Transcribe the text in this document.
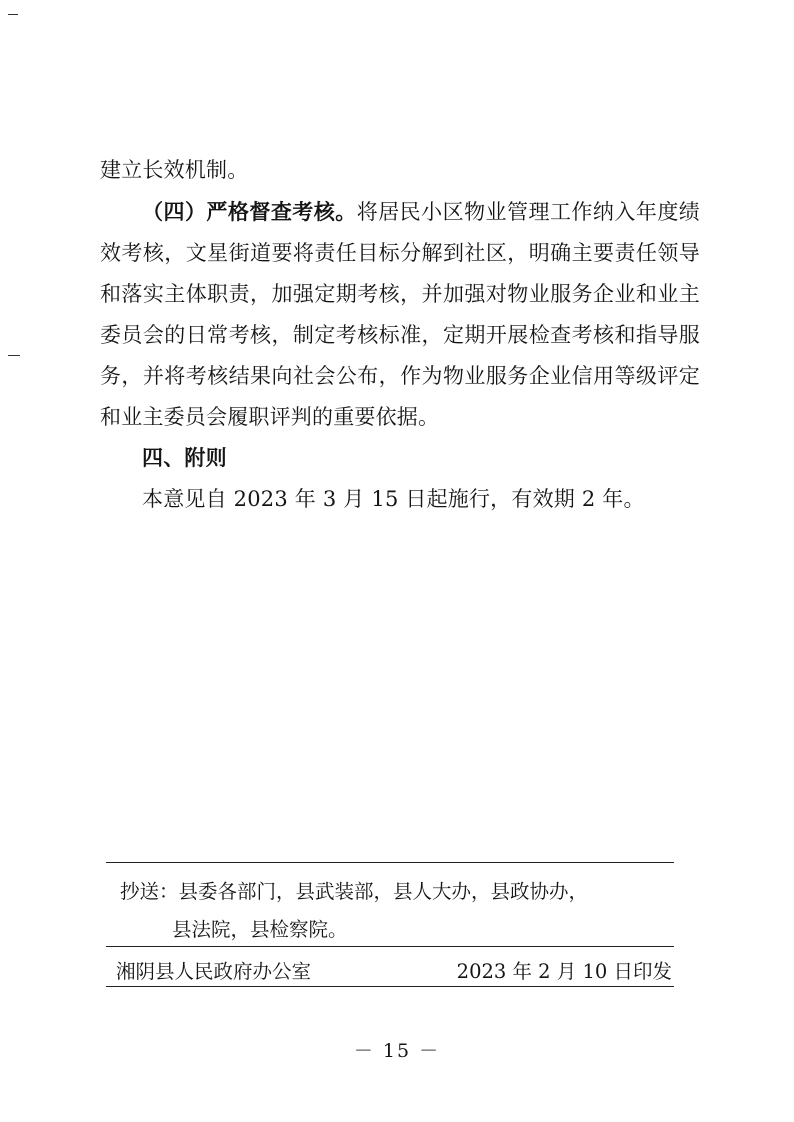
建立长效机制。

（四）严格督查考核。将居民小区物业管理工作纳入年度绩效考核，文星街道要将责任目标分解到社区，明确主要责任领导和落实主体职责，加强定期考核，并加强对物业服务企业和业主委员会的日常考核，制定考核标准，定期开展检查考核和指导服务，并将考核结果向社会公布，作为物业服务企业信用等级评定和业主委员会履职评判的重要依据。

四、附则

本意见自 2023 年 3 月 15 日起施行，有效期 2 年。

抄送：县委各部门，县武装部，县人大办，县政协办，
县法院，县检察院。
湘阴县人民政府办公室	2023 年 2 月 10 日印发
－ 15 －
